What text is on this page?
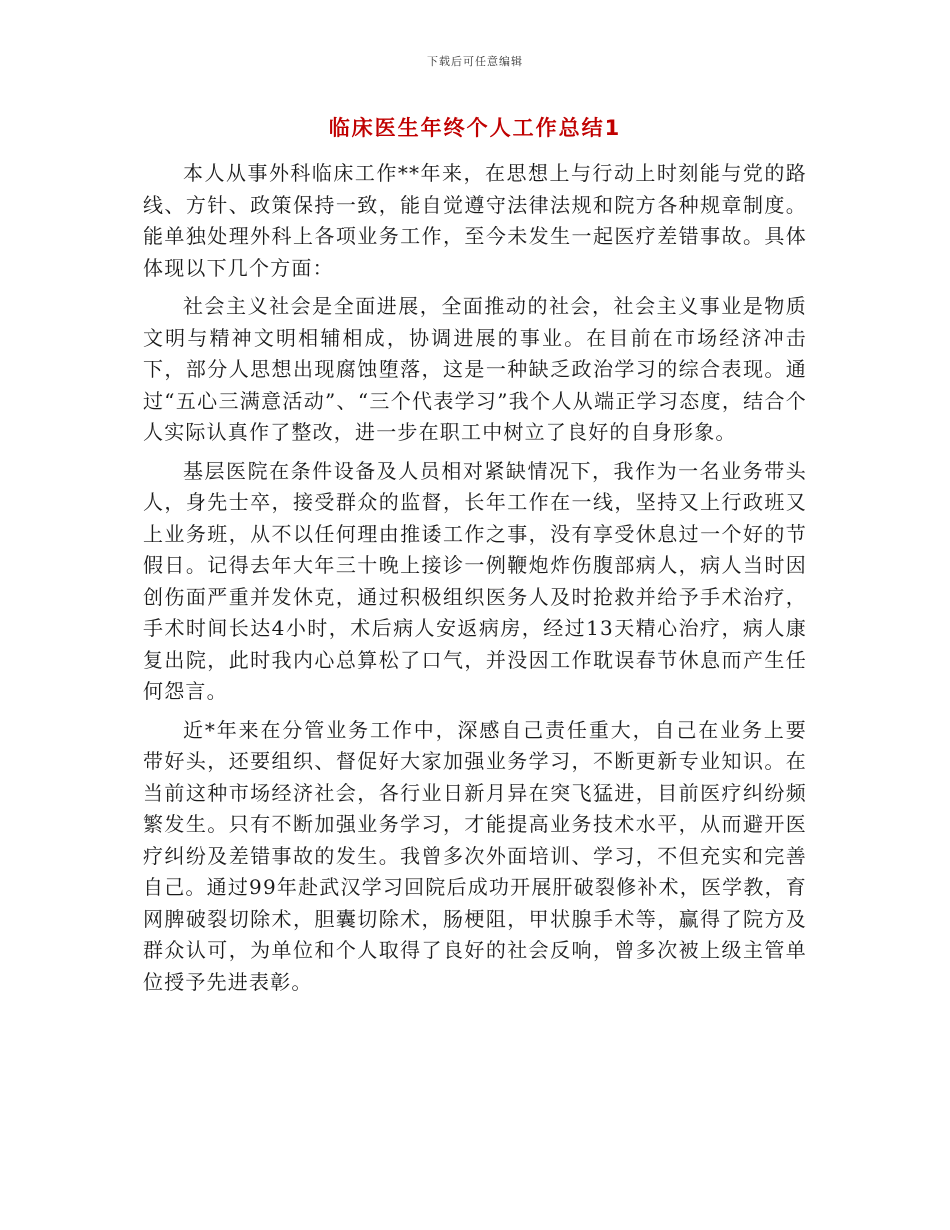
下载后可任意编辑
临床医生年终个人工作总结1

本人从事外科临床工作**年来，在思想上与行动上时刻能与党的路线、方针、政策保持一致，能自觉遵守法律法规和院方各种规章制度。能单独处理外科上各项业务工作，至今未发生一起医疗差错事故。具体体现以下几个方面：

社会主义社会是全面进展，全面推动的社会，社会主义事业是物质文明与精神文明相辅相成，协调进展的事业。在目前在市场经济冲击下，部分人思想出现腐蚀堕落，这是一种缺乏政治学习的综合表现。通过“五心三满意活动”、“三个代表学习”我个人从端正学习态度，结合个人实际认真作了整改，进一步在职工中树立了良好的自身形象。

基层医院在条件设备及人员相对紧缺情况下，我作为一名业务带头人，身先士卒，接受群众的监督，长年工作在一线，坚持又上行政班又上业务班，从不以任何理由推诿工作之事，没有享受休息过一个好的节假日。记得去年大年三十晚上接诊一例鞭炮炸伤腹部病人，病人当时因创伤面严重并发休克，通过积极组织医务人及时抢救并给予手术治疗，手术时间长达4小时，术后病人安返病房，经过13天精心治疗，病人康复出院，此时我内心总算松了口气，并没因工作耽误春节休息而产生任何怨言。

近*年来在分管业务工作中，深感自己责任重大，自己在业务上要带好头，还要组织、督促好大家加强业务学习，不断更新专业知识。在当前这种市场经济社会，各行业日新月异在突飞猛进，目前医疗纠纷频繁发生。只有不断加强业务学习，才能提高业务技术水平，从而避开医疗纠纷及差错事故的发生。我曾多次外面培训、学习，不但充实和完善自己。通过99年赴武汉学习回院后成功开展肝破裂修补术，医学教，育网脾破裂切除术，胆囊切除术，肠梗阻，甲状腺手术等，赢得了院方及群众认可，为单位和个人取得了良好的社会反响，曾多次被上级主管单位授予先进表彰。
